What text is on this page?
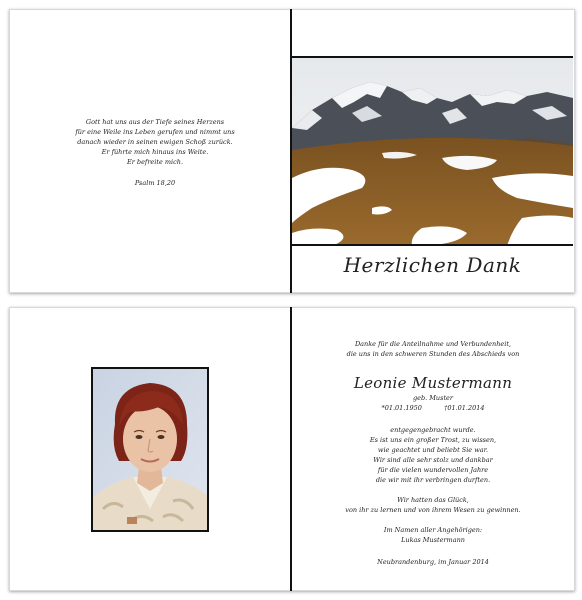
Gott hat uns aus der Tiefe seines Herzens
für eine Weile ins Leben gerufen und nimmt uns
danach wieder in seinen ewigen Schoß zurück.
Er führte mich hinaus ins Weite.
Er befreite mich.
Psalm 18,20
Herzlichen Dank
Danke für die Anteilnahme und Verbundenheit,
die uns in den schweren Stunden des Abschieds von
Leonie Mustermann
geb. Muster
*01.01.1950	†01.01.2014
entgegengebracht wurde.
Es ist uns ein großer Trost, zu wissen,
wie geachtet und beliebt Sie war.
Wir sind alle sehr stolz und dankbar
für die vielen wundervollen Jahre
die wir mit ihr verbringen durften.
Wir hatten das Glück,
von ihr zu lernen und von ihrem Wesen zu gewinnen.
Im Namen aller Angehörigen:
Lukas Mustermann
Neubrandenburg, im Januar 2014
